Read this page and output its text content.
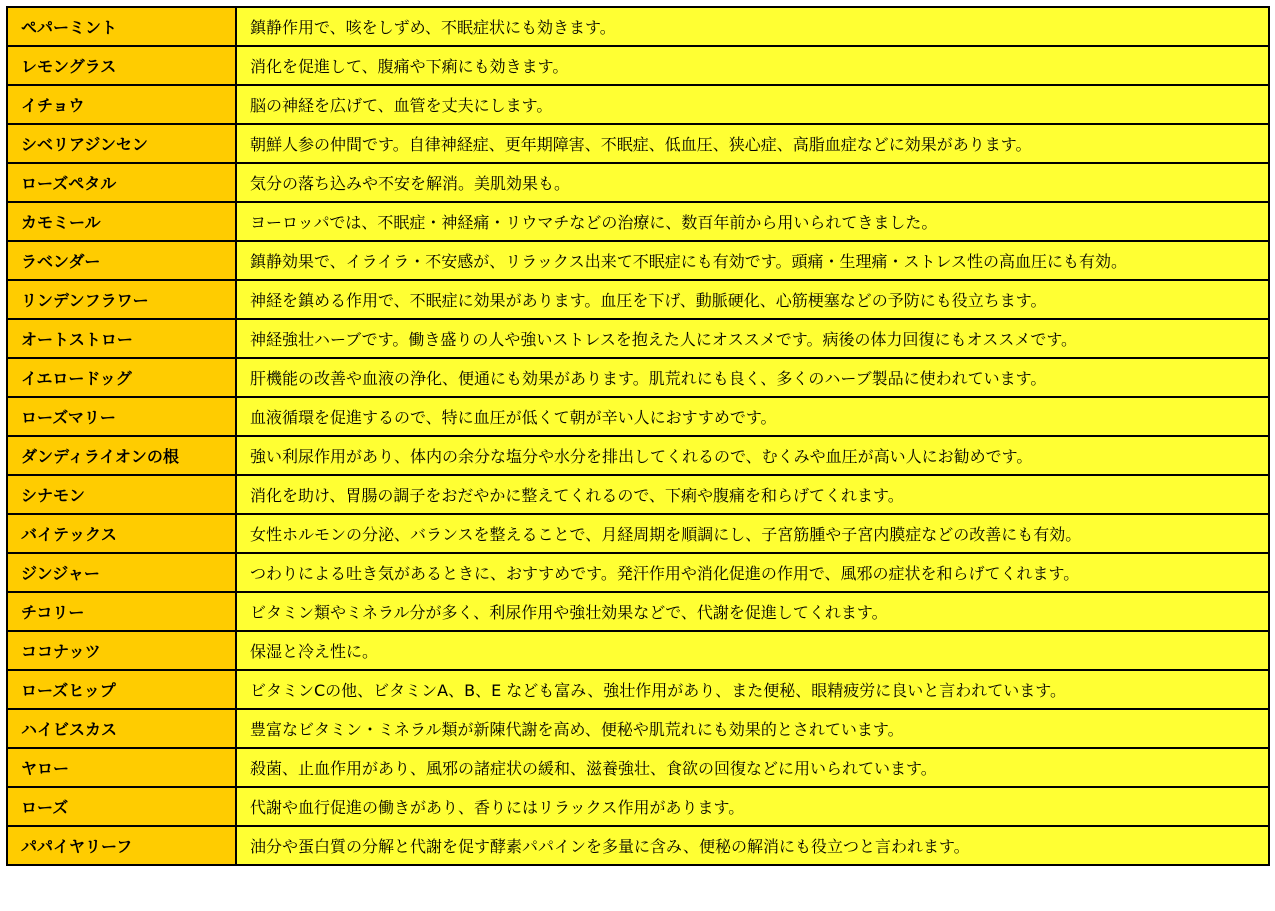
ペパーミント	鎮静作用で、咳をしずめ、不眠症状にも効きます。
レモングラス	消化を促進して、腹痛や下痢にも効きます。
イチョウ	脳の神経を広げて、血管を丈夫にします。
シベリアジンセン	朝鮮人参の仲間です。自律神経症、更年期障害、不眠症、低血圧、狭心症、高脂血症などに効果があります。
ローズペタル	気分の落ち込みや不安を解消。美肌効果も。
カモミール	ヨーロッパでは、不眠症・神経痛・リウマチなどの治療に、数百年前から用いられてきました。
ラベンダー	鎮静効果で、イライラ・不安感が、リラックス出来て不眠症にも有効です。頭痛・生理痛・ストレス性の高血圧にも有効。
リンデンフラワー	神経を鎮める作用で、不眠症に効果があります。血圧を下げ、動脈硬化、心筋梗塞などの予防にも役立ちます。
オートストロー	神経強壮ハーブです。働き盛りの人や強いストレスを抱えた人にオススメです。病後の体力回復にもオススメです。
イエロードッグ	肝機能の改善や血液の浄化、便通にも効果があります。肌荒れにも良く、多くのハーブ製品に使われています。
ローズマリー	血液循環を促進するので、特に血圧が低くて朝が辛い人におすすめです。
ダンディライオンの根	強い利尿作用があり、体内の余分な塩分や水分を排出してくれるので、むくみや血圧が高い人にお勧めです。
シナモン	消化を助け、胃腸の調子をおだやかに整えてくれるので、下痢や腹痛を和らげてくれます。
バイテックス	女性ホルモンの分泌、バランスを整えることで、月経周期を順調にし、子宮筋腫や子宮内膜症などの改善にも有効。
ジンジャー	つわりによる吐き気があるときに、おすすめです。発汗作用や消化促進の作用で、風邪の症状を和らげてくれます。
チコリー	ビタミン類やミネラル分が多く、利尿作用や強壮効果などで、代謝を促進してくれます。
ココナッツ	保湿と冷え性に。
ローズヒップ	ビタミンCの他、ビタミンA、B、E なども富み、強壮作用があり、また便秘、眼精疲労に良いと言われています。
ハイビスカス	豊富なビタミン・ミネラル類が新陳代謝を高め、便秘や肌荒れにも効果的とされています。
ヤロー	殺菌、止血作用があり、風邪の諸症状の緩和、滋養強壮、食欲の回復などに用いられています。
ローズ	代謝や血行促進の働きがあり、香りにはリラックス作用があります。
パパイヤリーフ	油分や蛋白質の分解と代謝を促す酵素パパインを多量に含み、便秘の解消にも役立つと言われます。
